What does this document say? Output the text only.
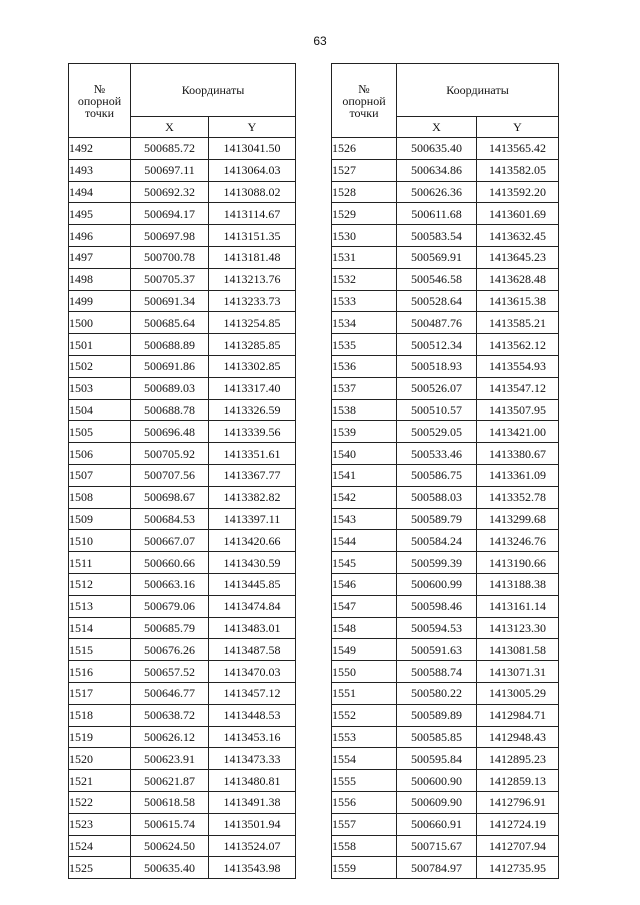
63
№
опорной
точки	Координаты	
	X	Y
1492	500685.72	1413041.50
1493	500697.11	1413064.03
1494	500692.32	1413088.02
1495	500694.17	1413114.67
1496	500697.98	1413151.35
1497	500700.78	1413181.48
1498	500705.37	1413213.76
1499	500691.34	1413233.73
1500	500685.64	1413254.85
1501	500688.89	1413285.85
1502	500691.86	1413302.85
1503	500689.03	1413317.40
1504	500688.78	1413326.59
1505	500696.48	1413339.56
1506	500705.92	1413351.61
1507	500707.56	1413367.77
1508	500698.67	1413382.82
1509	500684.53	1413397.11
1510	500667.07	1413420.66
1511	500660.66	1413430.59
1512	500663.16	1413445.85
1513	500679.06	1413474.84
1514	500685.79	1413483.01
1515	500676.26	1413487.58
1516	500657.52	1413470.03
1517	500646.77	1413457.12
1518	500638.72	1413448.53
1519	500626.12	1413453.16
1520	500623.91	1413473.33
1521	500621.87	1413480.81
1522	500618.58	1413491.38
1523	500615.74	1413501.94
1524	500624.50	1413524.07
1525	500635.40	1413543.98
№
опорной
точки	Координаты	
	X	Y
1526	500635.40	1413565.42
1527	500634.86	1413582.05
1528	500626.36	1413592.20
1529	500611.68	1413601.69
1530	500583.54	1413632.45
1531	500569.91	1413645.23
1532	500546.58	1413628.48
1533	500528.64	1413615.38
1534	500487.76	1413585.21
1535	500512.34	1413562.12
1536	500518.93	1413554.93
1537	500526.07	1413547.12
1538	500510.57	1413507.95
1539	500529.05	1413421.00
1540	500533.46	1413380.67
1541	500586.75	1413361.09
1542	500588.03	1413352.78
1543	500589.79	1413299.68
1544	500584.24	1413246.76
1545	500599.39	1413190.66
1546	500600.99	1413188.38
1547	500598.46	1413161.14
1548	500594.53	1413123.30
1549	500591.63	1413081.58
1550	500588.74	1413071.31
1551	500580.22	1413005.29
1552	500589.89	1412984.71
1553	500585.85	1412948.43
1554	500595.84	1412895.23
1555	500600.90	1412859.13
1556	500609.90	1412796.91
1557	500660.91	1412724.19
1558	500715.67	1412707.94
1559	500784.97	1412735.95
